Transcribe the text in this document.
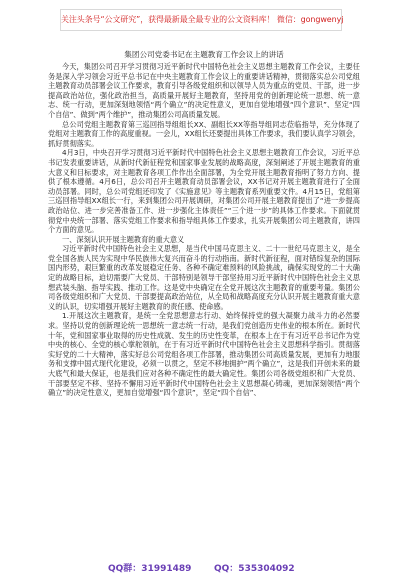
关注头条号“公文研究”，获得最新最全最专业的公文资料库！ 微信：gongwenyj
集团公司党委书记在主题教育工作会议上的讲话

今天，集团公司召开学习贯彻习近平新时代中国特色社会主义思想主题教育工作会议，主要任务是深入学习领会习近平总书记在中央主题教育工作会议上的重要讲话精神，贯彻落实总公司党组主题教育动员部署会议工作要求，教育引导各级党组织和以领导人员为重点的党员、干部，进一步提高政治站位，强化政治担当，高质量开展好主题教育，坚持用党的创新理论统一思想、统一意志、统一行动，更加深刻地领悟“两个确立”的决定性意义，更加自觉地增强“四个意识”、坚定“四个自信”、做到“两个维护”，推动集团公司高质量发展。

总公司党组主题教育第三巡回指导组组长XX、副组长XX等指导组同志莅临指导，充分体现了党组对主题教育工作的高度重视。一会儿，XX组长还要提出具体工作要求，我们要认真学习领会，抓好贯彻落实。

4月3日，中央召开学习贯彻习近平新时代中国特色社会主义思想主题教育工作会议，习近平总书记发表重要讲话，从新时代新征程党和国家事业发展的战略高度，深刻阐述了开展主题教育的重大意义和目标要求，对主题教育各项工作作出全面部署，为全党开展主题教育指明了努力方向、提供了根本遵循。4月6日，总公司召开主题教育动员部署会议，XX书记对开展主题教育进行了全面动员部署。同时，总公司党组还印发了《实施意见》等主题教育系列重要文件。4月15日，党组第三巡回指导组XX组长一行，来到集团公司开展调研，对集团公司开展主题教育提出了“进一步提高政治站位、进一步完善准备工作、进一步强化主体责任”“三个进一步”的具体工作要求。下面就贯彻党中央统一部署、落实党组工作要求和指导组具体工作要求，扎实开展集团公司主题教育，讲四个方面的意见。

一、深刻认识开展主题教育的重大意义

习近平新时代中国特色社会主义思想，是当代中国马克思主义、二十一世纪马克思主义，是全党全国各族人民为实现中华民族伟大复兴而奋斗的行动指南。新时代新征程，面对错综复杂的国际国内形势，艰巨繁重的改革发展稳定任务、各种不确定难预料的风险挑战，确保实现党的二十大确定的战略目标，迫切需要广大党员、干部特别是领导干部坚持用习近平新时代中国特色社会主义思想武装头脑、指导实践、推动工作。这是党中央确定在全党开展这次主题教育的重要考量。集团公司各级党组织和广大党员、干部要提高政治站位，从全局和战略高度充分认识开展主题教育重大意义的认识，切实增强开展好主题教育的责任感、使命感。

1.开展这次主题教育，是统一全党思想意志行动、始终保持党的强大凝聚力战斗力的必然要求。坚持以党的创新理论统一思想统一意志统一行动，是我们党创造历史伟业的根本所在。新时代十年，党和国家事业取得的历史性成就、发生的历史性变革，在根本上在于有习近平总书记作为党中央的核心、全党的核心掌舵领航，在于有习近平新时代中国特色社会主义思想科学指引。贯彻落实好党的二十大精神，落实好总公司党组各项工作部署，推动集团公司高质量发展，更加有力地服务和支撑中国式现代化建设，必须一以贯之，坚定不移地拥护“两个确立”，这是我们开创未来的最大底气和最大保证，也是我们应对各种不确定性的最大确定性。集团公司各级党组织和广大党员、干部要坚定不移、坚持不懈用习近平新时代中国特色社会主义思想凝心铸魂，更加深刻领悟“两个确立”的决定性意义，更加自觉增强“四个意识”，坚定“四个自信”、

QQ群：31991489	QQ：535304092
